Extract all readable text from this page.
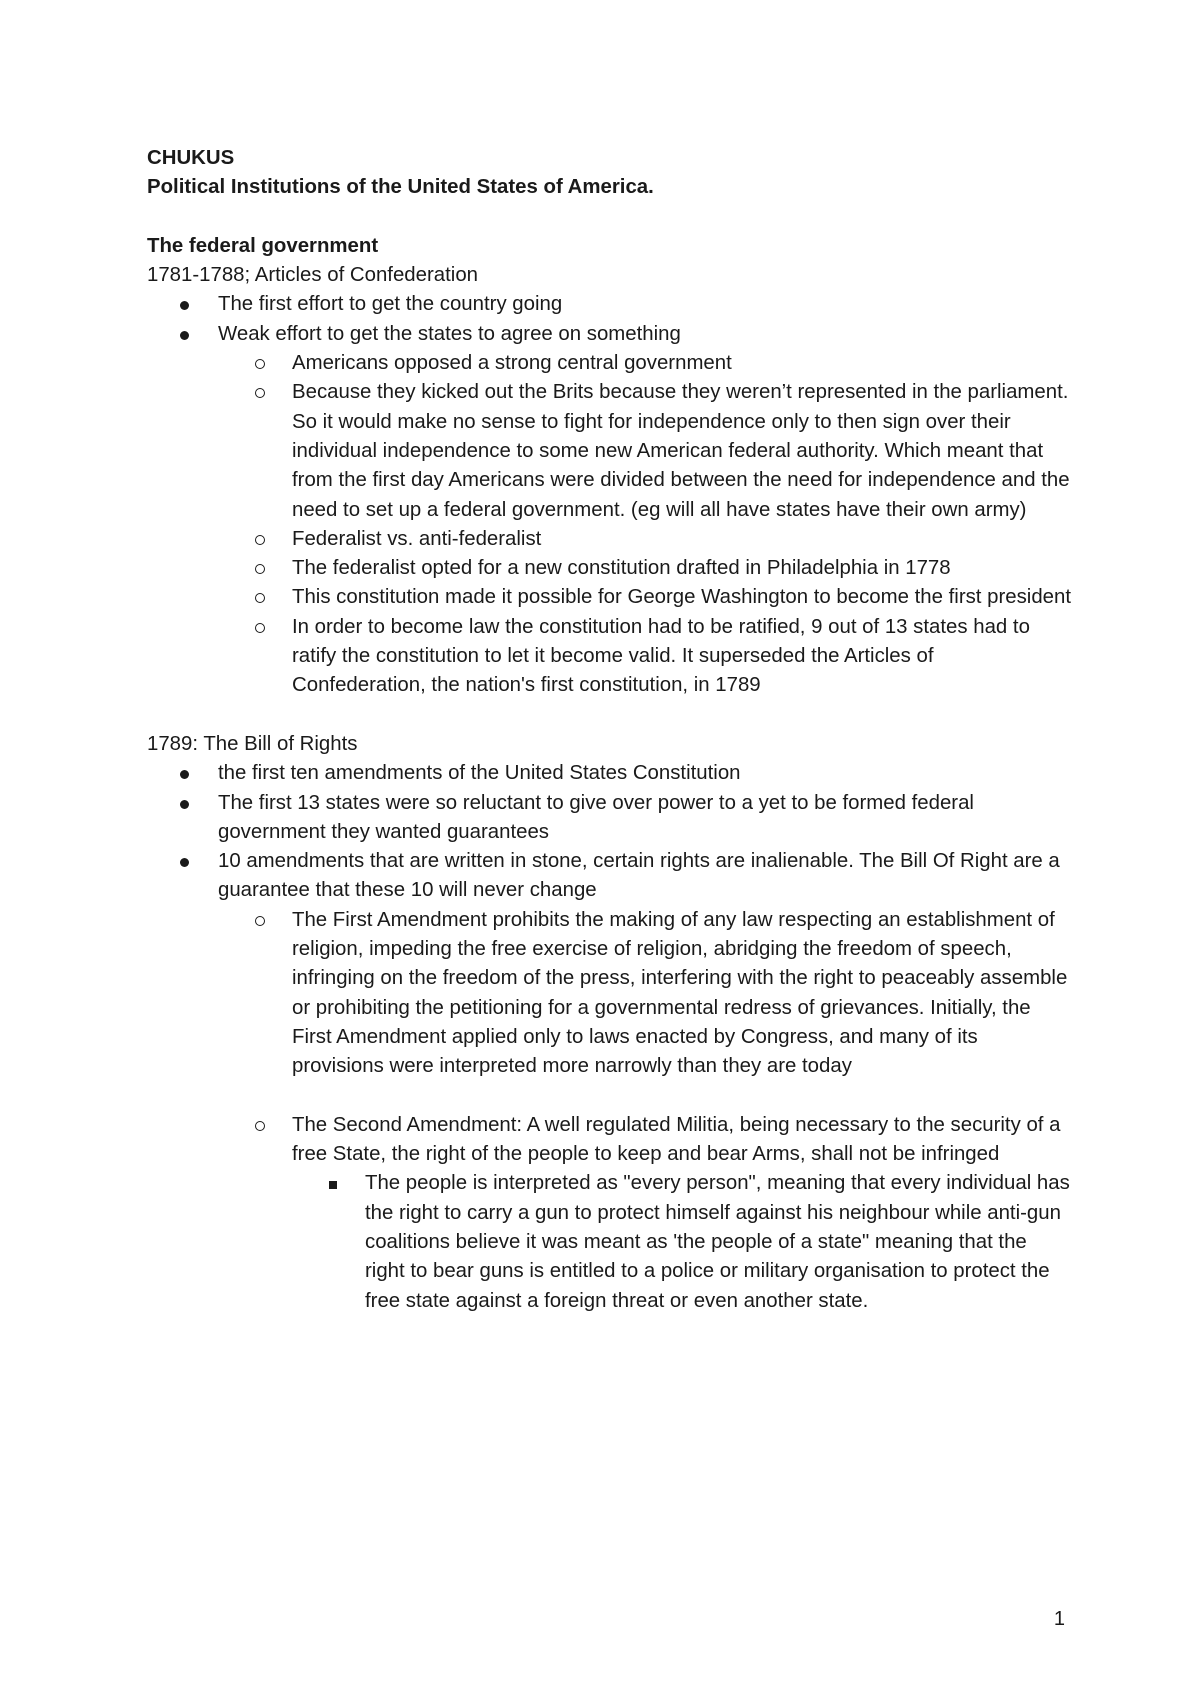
CHUKUS
Political Institutions of the United States of America.
The federal government
1781-1788; Articles of Confederation
The first effort to get the country going
Weak effort to get the states to agree on something
Americans opposed a strong central government
Because they kicked out the Brits because they weren’t represented in the parliament. So it would make no sense to fight for independence only to then sign over their individual independence to some new American federal authority. Which meant that from the first day Americans were divided between the need for independence and the need to set up a federal government. (eg will all have states have their own army)
Federalist vs. anti-federalist
The federalist opted for a new constitution drafted in Philadelphia in 1778
This constitution made it possible for George Washington to become the first president
In order to become law the constitution had to be ratified, 9 out of 13 states had to ratify the constitution to let it become valid. It superseded the Articles of Confederation, the nation's first constitution, in 1789
1789: The Bill of Rights
the first ten amendments of the United States Constitution
The first 13 states were so reluctant to give over power to a yet to be formed federal government they wanted guarantees
10 amendments that are written in stone, certain rights are inalienable. The Bill Of Right are a guarantee that these 10 will never change
The First Amendment prohibits the making of any law respecting an establishment of religion, impeding the free exercise of religion, abridging the freedom of speech, infringing on the freedom of the press, interfering with the right to peaceably assemble or prohibiting the petitioning for a governmental redress of grievances. Initially, the First Amendment applied only to laws enacted by Congress, and many of its provisions were interpreted more narrowly than they are today
The Second Amendment: A well regulated Militia, being necessary to the security of a free State, the right of the people to keep and bear Arms, shall not be infringed
The people is interpreted as "every person", meaning that every individual has the right to carry a gun to protect himself against his neighbour while anti-gun coalitions believe it was meant as 'the people of a state" meaning that the right to bear guns is entitled to a police or military organisation to protect the free state against a foreign threat or even another state.
1
